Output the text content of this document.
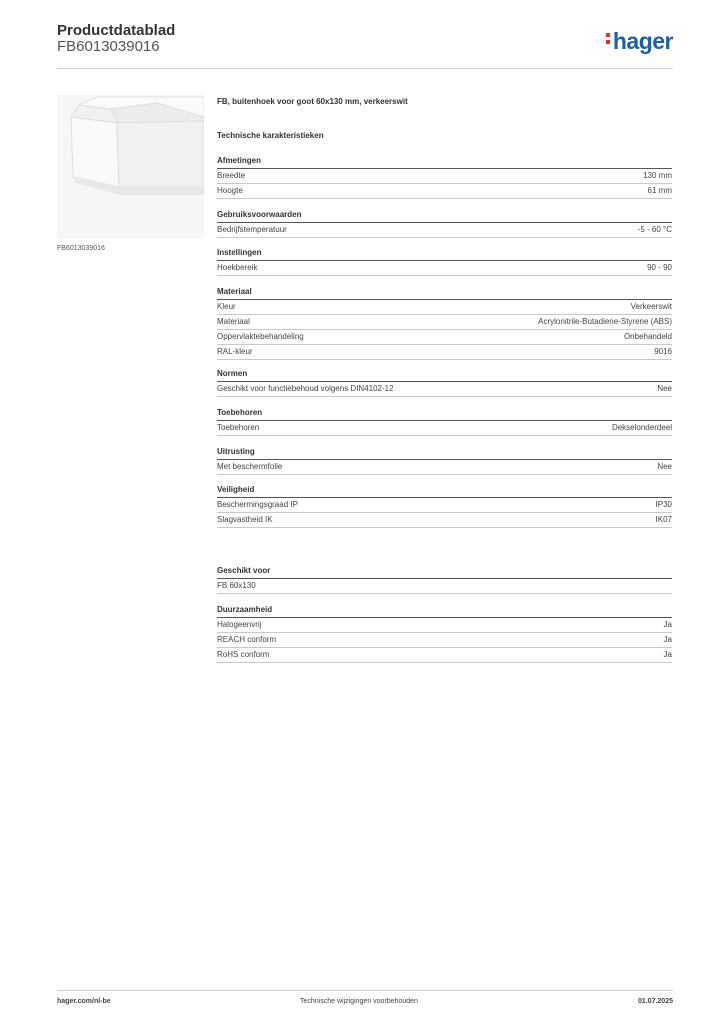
Productdatablad
FB6013039016	hager
FB6013039016
FB, buitenhoek voor goot 60x130 mm, verkeerswit
Technische karakteristieken
Afmetingen
Breedte	130 mm
Hoogte	61 mm
Gebruiksvoorwaarden
Bedrijfstemperatuur	-5 - 60 °C
Instellingen
Hoekbereik	90 - 90
Materiaal
Kleur	Verkeerswit
Materiaal	Acrylonitrile-Butadiene-Styrene (ABS)
Oppervlaktebehandeling	Onbehandeld
RAL-kleur	9016
Normen
Geschikt voor functiebehoud volgens DIN4102-12	Nee
Toebehoren
Toebehoren	Dekselonderdeel
Uitrusting
Met beschermfolie	Nee
Veiligheid
Beschermingsgraad IP	IP30
Slagvastheid IK	IK07
Geschikt voor
FB 60x130
Duurzaamheid
Halogeenvrij	Ja
REACH conform	Ja
RoHS conform	Ja
hager.com/nl-be	Technische wijzigingen voorbehouden	01.07.2025
